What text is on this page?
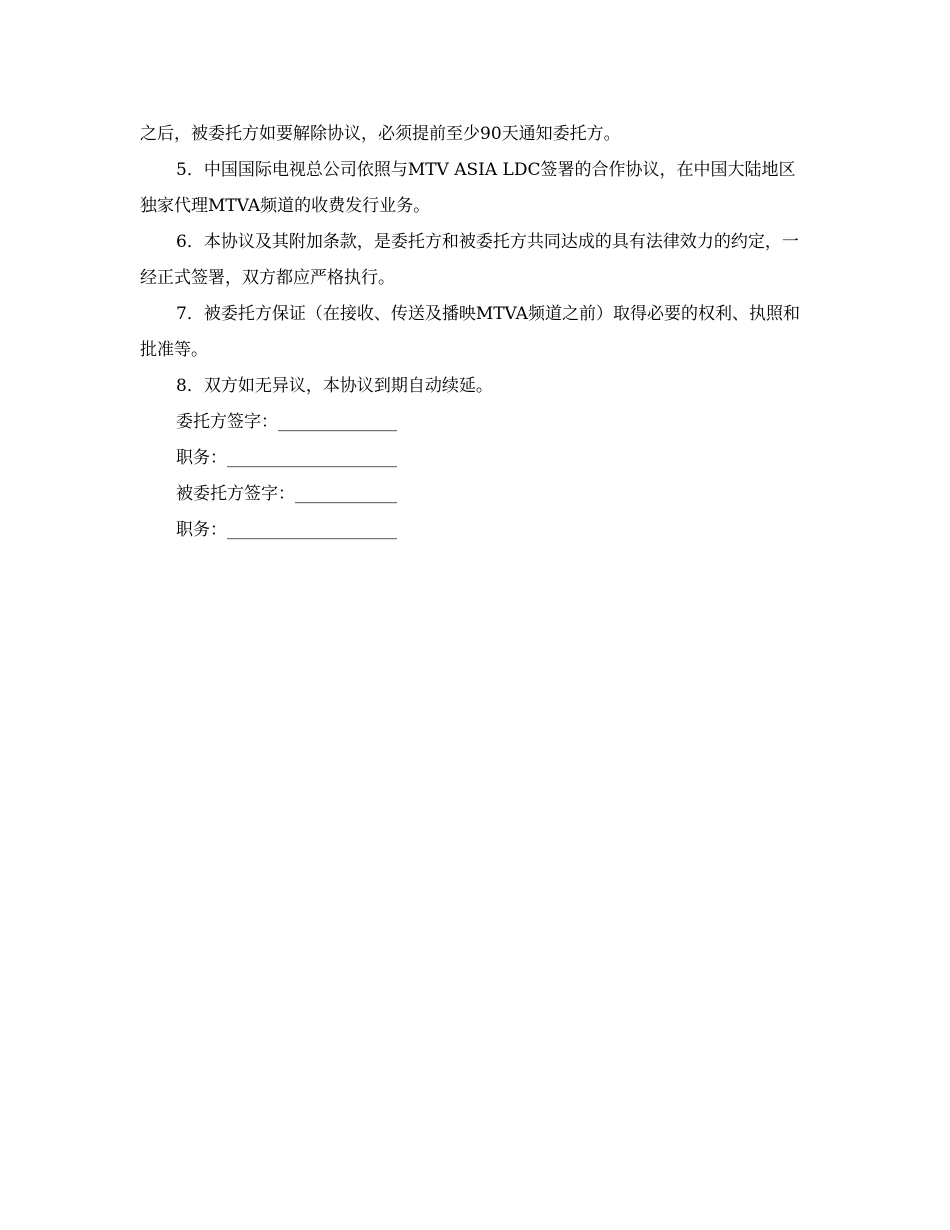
之后，被委托方如要解除协议，必须提前至少90天通知委托方。

5．中国国际电视总公司依照与MTV ASIA LDC签署的合作协议，在中国大陆地区独家代理MTVA频道的收费发行业务。

6．本协议及其附加条款，是委托方和被委托方共同达成的具有法律效力的约定，一经正式签署，双方都应严格执行。

7．被委托方保证（在接收、传送及播映MTVA频道之前）取得必要的权利、执照和批准等。

8．双方如无异议，本协议到期自动续延。

委托方签字：______________

职务：____________________

被委托方签字：____________

职务：____________________
